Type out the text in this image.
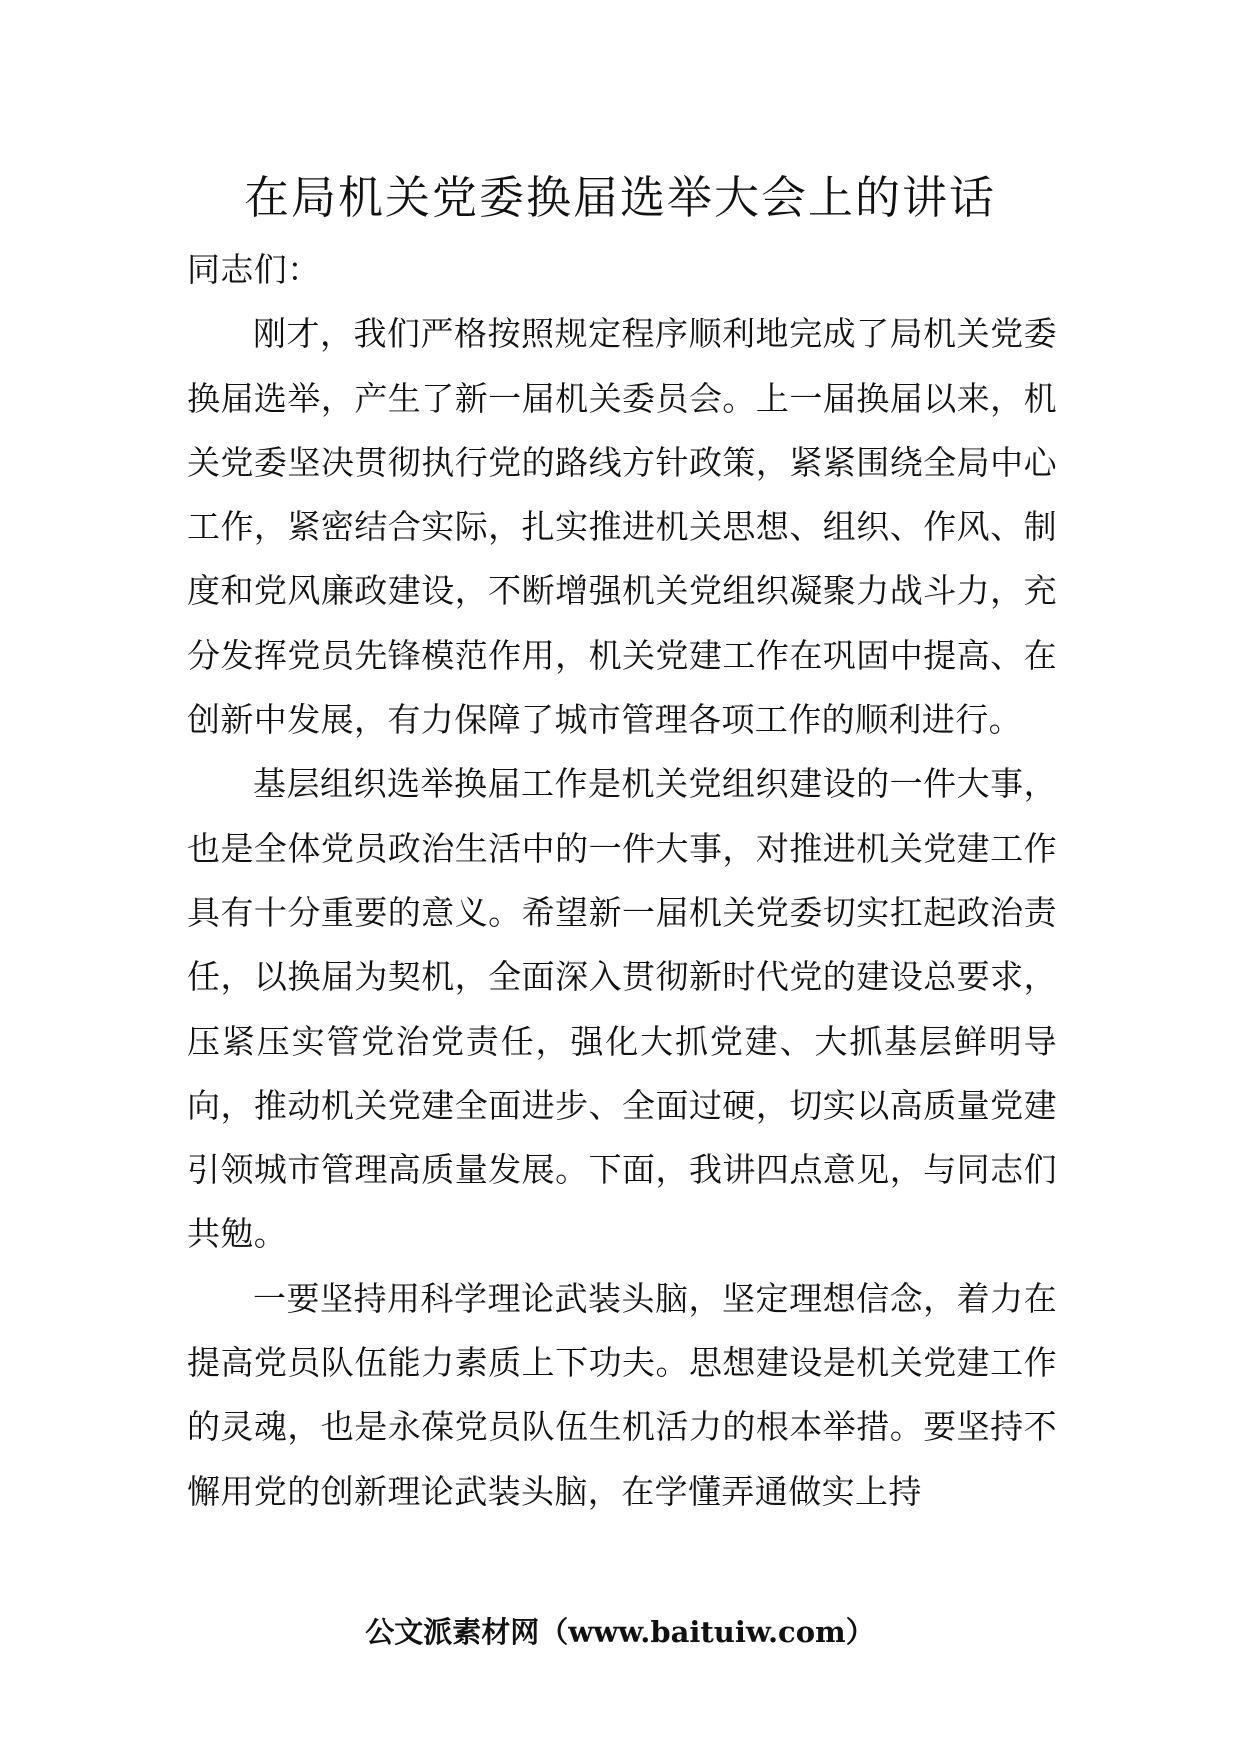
在局机关党委换届选举大会上的讲话

同志们：

刚才，我们严格按照规定程序顺利地完成了局机关党委换届选举，产生了新一届机关委员会。上一届换届以来，机关党委坚决贯彻执行党的路线方针政策，紧紧围绕全局中心工作，紧密结合实际，扎实推进机关思想、组织、作风、制度和党风廉政建设，不断增强机关党组织凝聚力战斗力，充分发挥党员先锋模范作用，机关党建工作在巩固中提高、在创新中发展，有力保障了城市管理各项工作的顺利进行。

基层组织选举换届工作是机关党组织建设的一件大事，也是全体党员政治生活中的一件大事，对推进机关党建工作具有十分重要的意义。希望新一届机关党委切实扛起政治责任，以换届为契机，全面深入贯彻新时代党的建设总要求，压紧压实管党治党责任，强化大抓党建、大抓基层鲜明导向，推动机关党建全面进步、全面过硬，切实以高质量党建引领城市管理高质量发展。下面，我讲四点意见，与同志们共勉。

一要坚持用科学理论武装头脑，坚定理想信念，着力在提高党员队伍能力素质上下功夫。思想建设是机关党建工作的灵魂，也是永葆党员队伍生机活力的根本举措。要坚持不懈用党的创新理论武装头脑，在学懂弄通做实上持

公文派素材网（www.baituiw.com）
